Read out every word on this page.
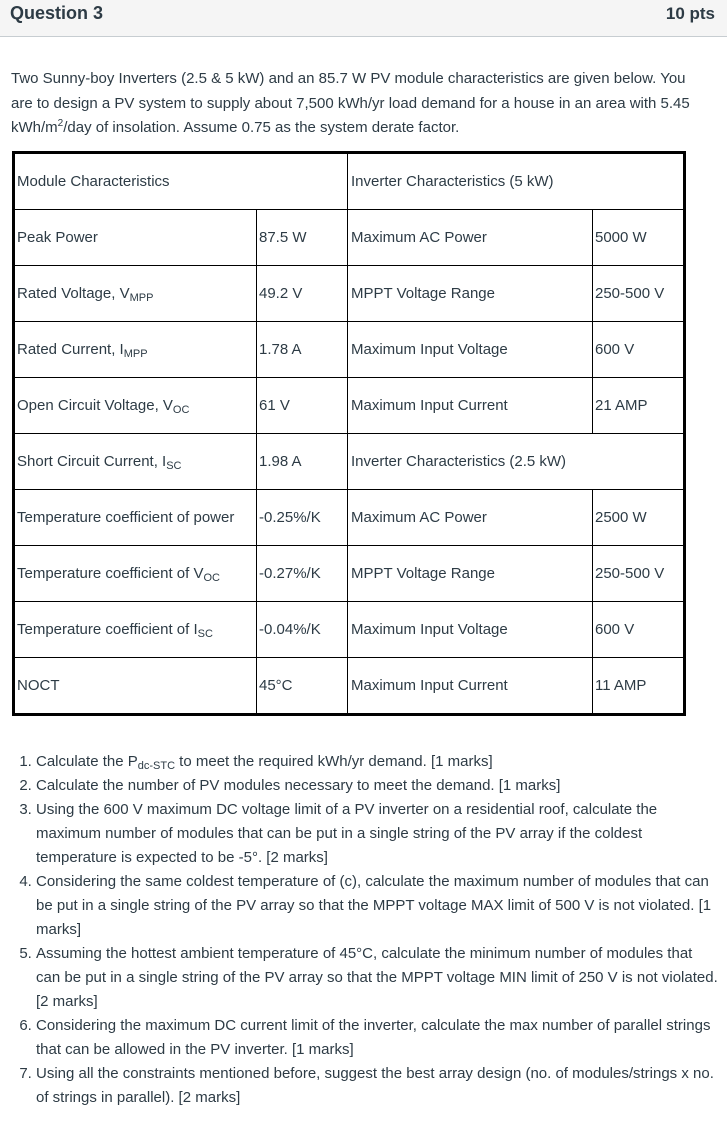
Question 3	10 pts
Two Sunny-boy Inverters (2.5 & 5 kW) and an 85.7 W PV module characteristics are given below. You are to design a PV system to supply about 7,500 kWh/yr load demand for a house in an area with 5.45 kWh/$m^2$/day of insolation. Assume 0.75 as the system derate factor.
Module Characteristics		Inverter Characteristics (5 kW)	
Peak Power	87.5 W	Maximum AC Power	5000 W
Rated Voltage, $V_{MPP}$	49.2 V	MPPT Voltage Range	250-500 V
Rated Current, $I_{MPP}$	1.78 A	Maximum Input Voltage	600 V
Open Circuit Voltage, $V_{OC}$	61 V	Maximum Input Current	21 AMP
Short Circuit Current, $I_{SC}$	1.98 A	Inverter Characteristics (2.5 kW)	
Temperature coefficient of power	-0.25%/K	Maximum AC Power	2500 W
Temperature coefficient of $V_{OC}$	-0.27%/K	MPPT Voltage Range	250-500 V
Temperature coefficient of $I_{SC}$	-0.04%/K	Maximum Input Voltage	600 V
NOCT	45°C	Maximum Input Current	11 AMP
1. Calculate the $P_{dc-STC}$ to meet the required kWh/yr demand. [1 marks]
2. Calculate the number of PV modules necessary to meet the demand. [1 marks]
3. Using the 600 V maximum DC voltage limit of a PV inverter on a residential roof, calculate the maximum number of modules that can be put in a single string of the PV array if the coldest temperature is expected to be -5°. [2 marks]
4. Considering the same coldest temperature of (c), calculate the maximum number of modules that can be put in a single string of the PV array so that the MPPT voltage MAX limit of 500 V is not violated. [1 marks]
5. Assuming the hottest ambient temperature of 45°C, calculate the minimum number of modules that can be put in a single string of the PV array so that the MPPT voltage MIN limit of 250 V is not violated. [2 marks]
6. Considering the maximum DC current limit of the inverter, calculate the max number of parallel strings that can be allowed in the PV inverter. [1 marks]
7. Using all the constraints mentioned before, suggest the best array design (no. of modules/strings x no. of strings in parallel). [2 marks]
